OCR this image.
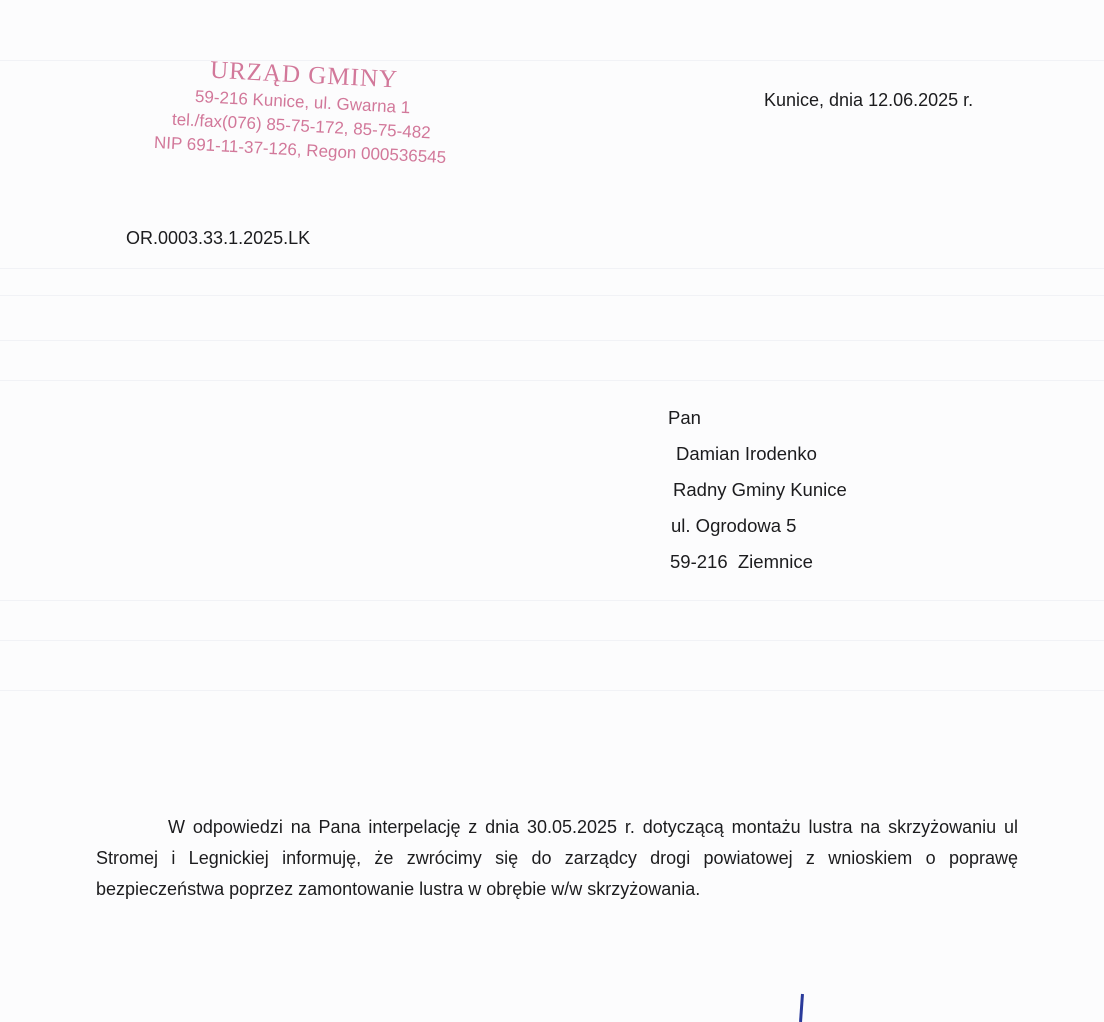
URZĄD GMINY
59-216 Kunice, ul. Gwarna 1
tel./fax(076) 85-75-172, 85-75-482
NIP 691-11-37-126, Regon 000536545
Kunice, dnia 12.06.2025 r.
OR.0003.33.1.2025.LK
Pan
Damian Irodenko
Radny Gminy Kunice
ul. Ogrodowa 5
59-216  Ziemnice
W odpowiedzi na Pana interpelację z dnia 30.05.2025 r. dotyczącą montażu lustra na skrzyżowaniu ul Stromej i Legnickiej informuję, że zwrócimy się do zarządcy drogi powiatowej z wnioskiem o poprawę bezpieczeństwa poprzez zamontowanie lustra w obrębie w/w skrzyżowania.
